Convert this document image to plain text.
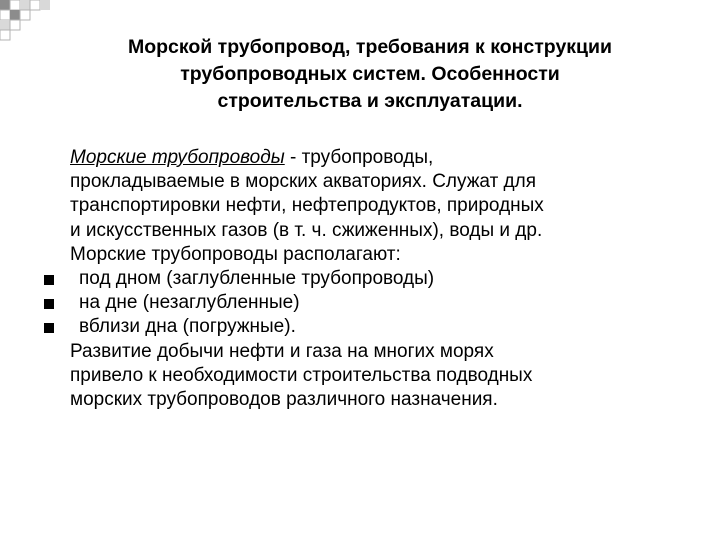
Морской трубопровод, требования к конструкции
трубопроводных систем. Особенности
строительства и эксплуатации.

Морские трубопроводы - трубопроводы,
прокладываемые в морских акваториях. Служат для
транспортировки нефти, нефтепродуктов, природных
и искусственных газов (в т. ч. сжиженных), воды и др.

Морские трубопроводы располагают:

под дном (заглубленные трубопроводы)
на дне (незаглубленные)
вблизи дна (погружные).

Развитие добычи нефти и газа на многих морях
привело к необходимости строительства подводных
морских трубопроводов различного назначения.
